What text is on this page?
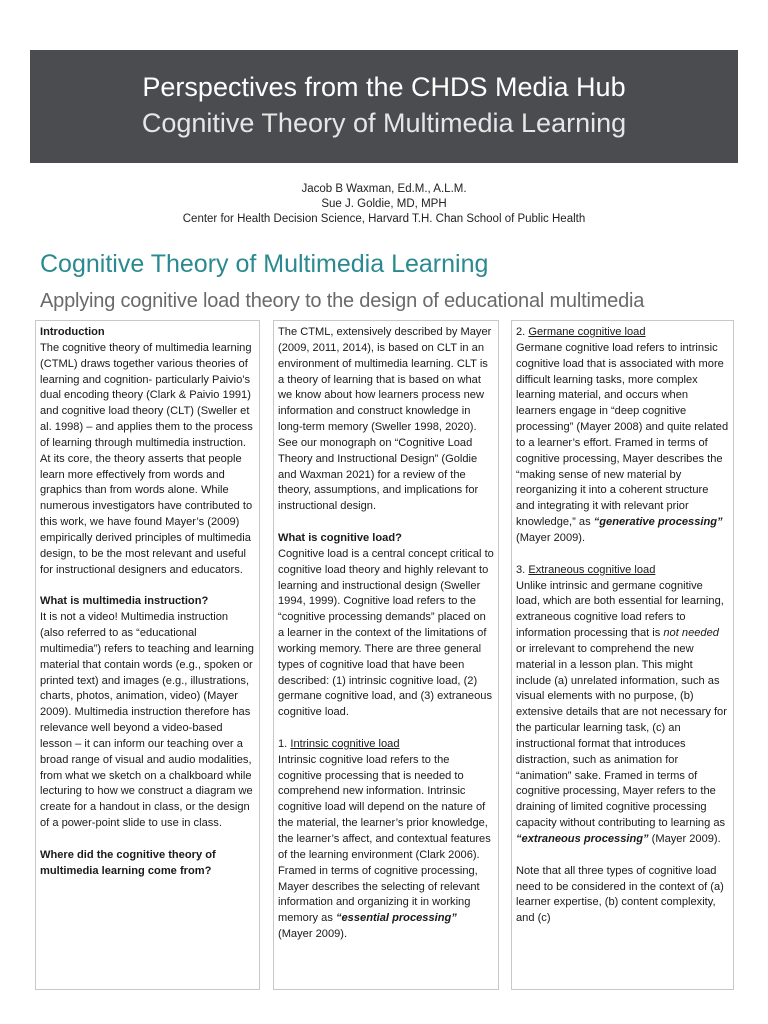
Perspectives from the CHDS Media Hub
Cognitive Theory of Multimedia Learning
Jacob B Waxman, Ed.M., A.L.M.
Sue J. Goldie, MD, MPH
Center for Health Decision Science, Harvard T.H. Chan School of Public Health
Cognitive Theory of Multimedia Learning
Applying cognitive load theory to the design of educational multimedia

Introduction

The cognitive theory of multimedia learning (CTML) draws together various theories of learning and cognition- particularly Paivio’s dual encoding theory (Clark & Paivio 1991) and cognitive load theory (CLT) (Sweller et al. 1998) – and applies them to the process of learning through multimedia instruction. At its core, the theory asserts that people learn more effectively from words and graphics than from words alone. While numerous investigators have contributed to this work, we have found Mayer’s (2009) empirically derived principles of multimedia design, to be the most relevant and useful for instructional designers and educators.

What is multimedia instruction?

It is not a video! Multimedia instruction (also referred to as “educational multimedia”) refers to teaching and learning material that contain words (e.g., spoken or printed text) and images (e.g., illustrations, charts, photos, animation, video) (Mayer 2009). Multimedia instruction therefore has relevance well beyond a video-based lesson – it can inform our teaching over a broad range of visual and audio modalities, from what we sketch on a chalkboard while lecturing to how we construct a diagram we create for a handout in class, or the design of a power-point slide to use in class.

Where did the cognitive theory of multimedia learning come from?

The CTML, extensively described by Mayer (2009, 2011, 2014), is based on CLT in an environment of multimedia learning. CLT is a theory of learning that is based on what we know about how learners process new information and construct knowledge in long-term memory (Sweller 1998, 2020). See our monograph on “Cognitive Load Theory and Instructional Design” (Goldie and Waxman 2021) for a review of the theory, assumptions, and implications for instructional design.

What is cognitive load?

Cognitive load is a central concept critical to cognitive load theory and highly relevant to learning and instructional design (Sweller 1994, 1999). Cognitive load refers to the “cognitive processing demands” placed on a learner in the context of the limitations of working memory. There are three general types of cognitive load that have been described: (1) intrinsic cognitive load, (2) germane cognitive load, and (3) extraneous cognitive load.

1. Intrinsic cognitive load

Intrinsic cognitive load refers to the cognitive processing that is needed to comprehend new information. Intrinsic cognitive load will depend on the nature of the material, the learner’s prior knowledge, the learner’s affect, and contextual features of the learning environment (Clark 2006). Framed in terms of cognitive processing, Mayer describes the selecting of relevant information and organizing it in working memory as “essential processing” (Mayer 2009).

2. Germane cognitive load

Germane cognitive load refers to intrinsic cognitive load that is associated with more difficult learning tasks, more complex learning material, and occurs when learners engage in “deep cognitive processing” (Mayer 2008) and quite related to a learner’s effort. Framed in terms of cognitive processing, Mayer describes the “making sense of new material by reorganizing it into a coherent structure and integrating it with relevant prior knowledge,” as “generative processing” (Mayer 2009).

3. Extraneous cognitive load

Unlike intrinsic and germane cognitive load, which are both essential for learning, extraneous cognitive load refers to information processing that is not needed or irrelevant to comprehend the new material in a lesson plan. This might include (a) unrelated information, such as visual elements with no purpose, (b) extensive details that are not necessary for the particular learning task, (c) an instructional format that introduces distraction, such as animation for “animation” sake. Framed in terms of cognitive processing, Mayer refers to the draining of limited cognitive processing capacity without contributing to learning as “extraneous processing” (Mayer 2009).

Note that all three types of cognitive load need to be considered in the context of (a) learner expertise, (b) content complexity, and (c)
